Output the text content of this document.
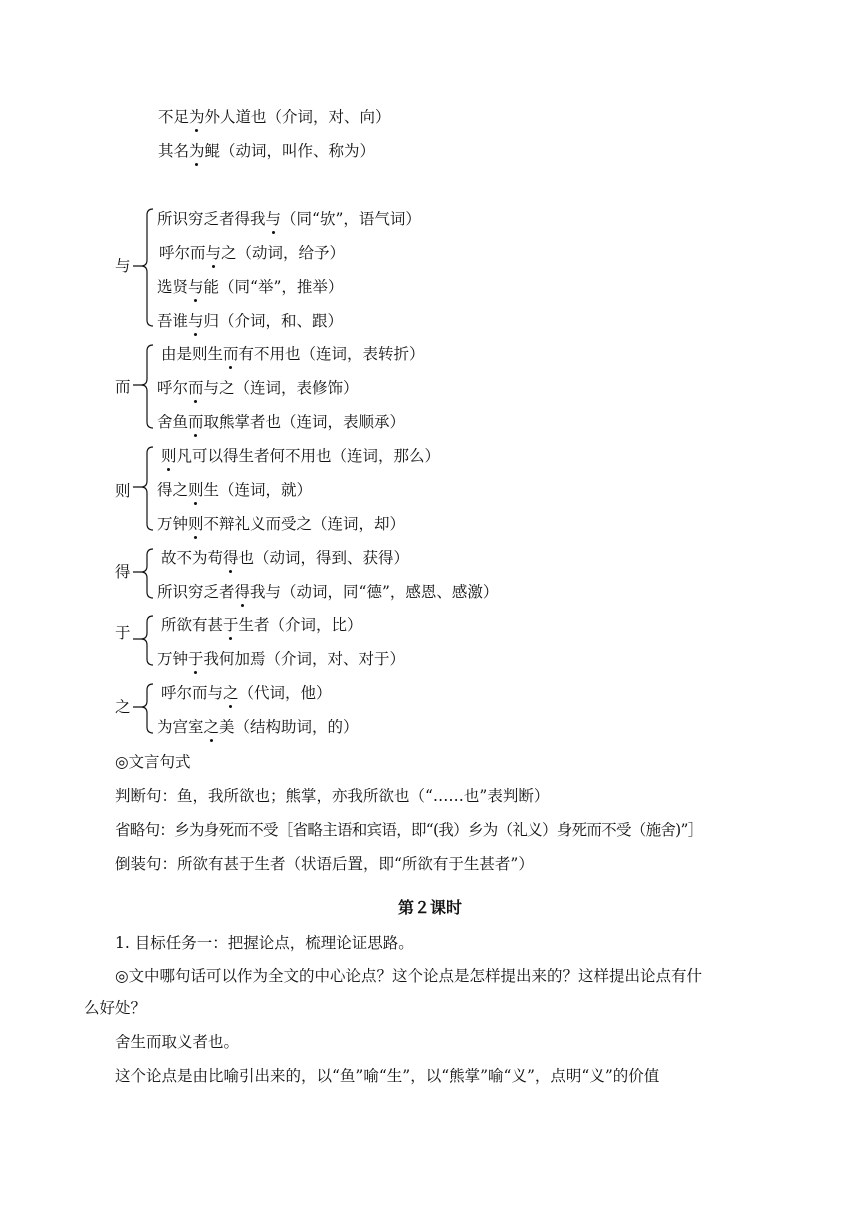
不足为外人道也（介词，对、向）
其名为鲲（动词，叫作、称为）
与
所识穷乏者得我与（同“欤”，语气词）
呼尔而与之（动词，给予）
选贤与能（同“举”，推举）
吾谁与归（介词，和、跟）
而
由是则生而有不用也（连词，表转折）
呼尔而与之（连词，表修饰）
舍鱼而取熊掌者也（连词，表顺承）
则
则凡可以得生者何不用也（连词，那么）
得之则生（连词，就）
万钟则不辩礼义而受之（连词，却）
得
故不为苟得也（动词，得到、获得）
所识穷乏者得我与（动词，同“德”，感恩、感激）
于 所欲有甚于生者（介词，比）
万钟于我何加焉（介词，对、对于）
之
呼尔而与之（代词，他）
为宫室之美（结构助词，的）
◎文言句式
判断句：鱼，我所欲也；熊掌，亦我所欲也（“……也”表判断）
省略句：乡为身死而不受［省略主语和宾语，即“(我）乡为（礼义）身死而不受（施舍)”］
倒装句：所欲有甚于生者（状语后置，即“所欲有于生甚者”）
第２课时
1. 目标任务一：把握论点，梳理论证思路。
◎文中哪句话可以作为全文的中心论点？这个论点是怎样提出来的？这样提出论点有什
么好处？
舍生而取义者也。
这个论点是由比喻引出来的，以“鱼”喻“生”，以“熊掌”喻“义”，点明“义”的价值
